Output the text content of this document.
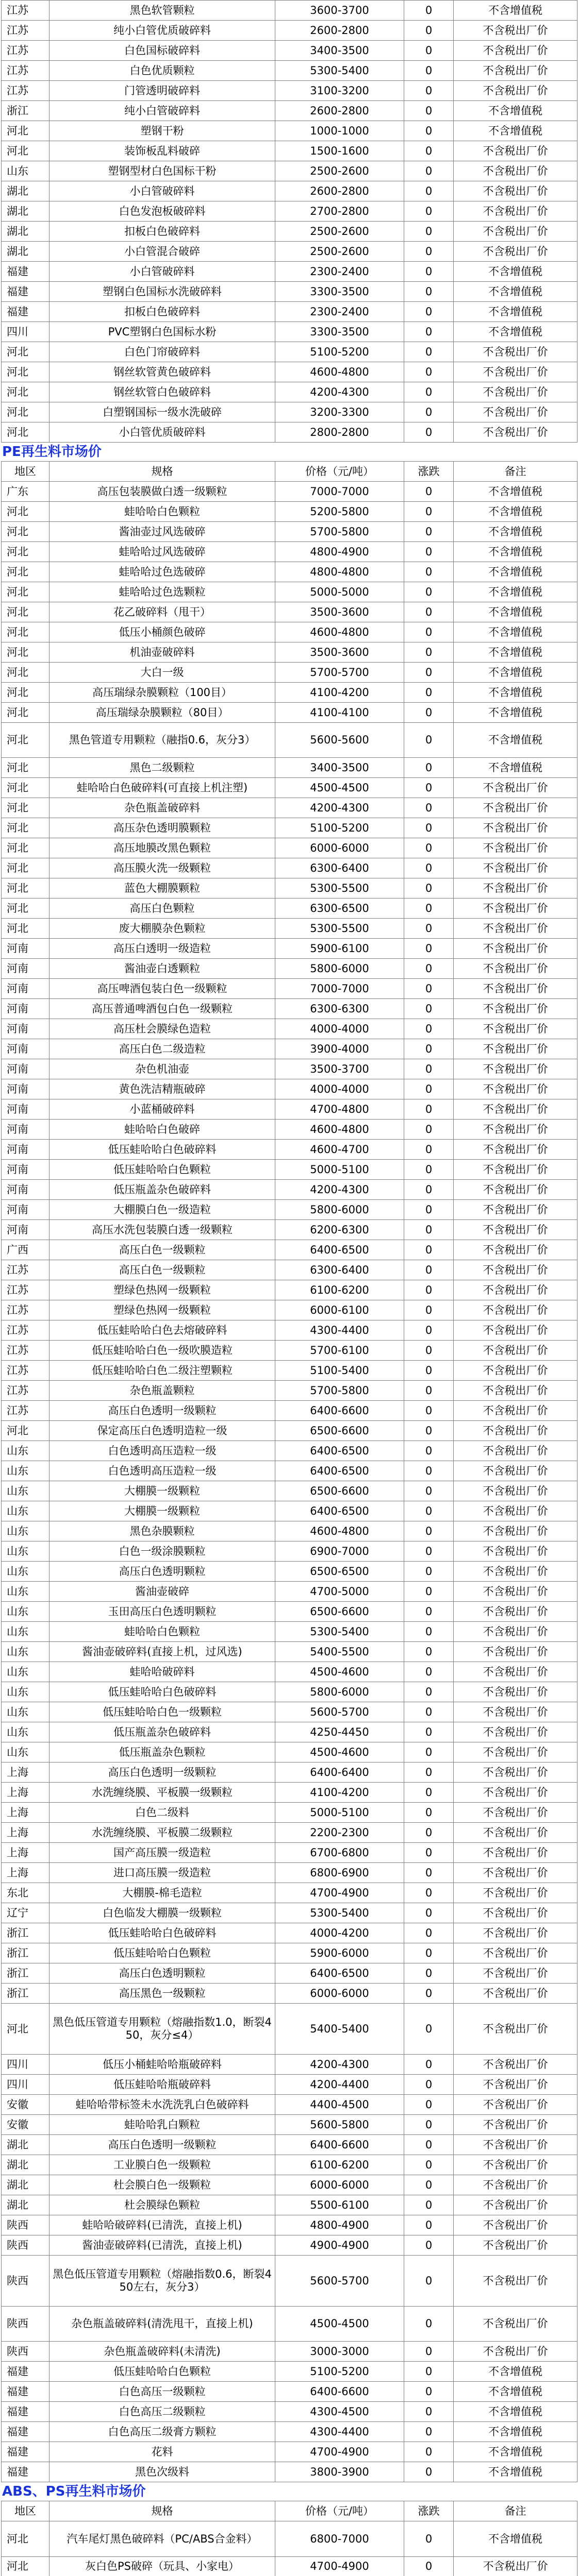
江苏	黑色软管颗粒	3600-3700	0	不含增值税
江苏	纯小白管优质破碎料	2600-2800	0	不含税出厂价
江苏	白色国标破碎料	3400-3500	0	不含税出厂价
江苏	白色优质颗粒	5300-5400	0	不含税出厂价
江苏	门管透明破碎料	3100-3200	0	不含税出厂价
浙江	纯小白管破碎料	2600-2800	0	不含增值税
河北	塑钢干粉	1000-1000	0	不含增值税
河北	装饰板乱料破碎	1500-1600	0	不含税出厂价
山东	塑钢型材白色国标干粉	2500-2600	0	不含税出厂价
湖北	小白管破碎料	2600-2800	0	不含税出厂价
湖北	白色发泡板破碎料	2700-2800	0	不含税出厂价
湖北	扣板白色破碎料	2500-2600	0	不含税出厂价
湖北	小白管混合破碎	2500-2600	0	不含税出厂价
福建	小白管破碎料	2300-2400	0	不含增值税
福建	塑钢白色国标水洗破碎料	3300-3500	0	不含增值税
福建	扣板白色破碎料	2300-2400	0	不含增值税
四川	PVC塑钢白色国标水粉	3300-3500	0	不含增值税
河北	白色门帘破碎料	5100-5200	0	不含税出厂价
河北	钢丝软管黄色破碎料	4600-4800	0	不含税出厂价
河北	钢丝软管白色破碎料	4200-4300	0	不含税出厂价
河北	白塑钢国标一级水洗破碎	3200-3300	0	不含税出厂价
河北	小白管优质破碎料	2800-2800	0	不含税出厂价
PE再生料市场价
地区	规格	价格（元/吨）	涨跌	备注
广东	高压包装膜做白透一级颗粒	7000-7000	0	不含增值税
河北	蛙哈哈白色颗粒	5200-5800	0	不含增值税
河北	酱油壶过风选破碎	5700-5800	0	不含增值税
河北	蛙哈哈过风选破碎	4800-4900	0	不含增值税
河北	蛙哈哈过色选破碎	4800-4800	0	不含增值税
河北	蛙哈哈过色选颗粒	5000-5000	0	不含增值税
河北	花乙破碎料（甩干）	3500-3600	0	不含增值税
河北	低压小桶颜色破碎	4600-4800	0	不含增值税
河北	机油壶破碎料	3500-3600	0	不含增值税
河北	大白一级	5700-5700	0	不含增值税
河北	高压瑞绿杂膜颗粒（100目）	4100-4200	0	不含增值税
河北	高压瑞绿杂膜颗粒（80目）	4100-4100	0	不含增值税
河北	黑色管道专用颗粒（融指0.6，灰分3）	5600-5600	0	不含增值税
河北	黑色二级颗粒	3400-3500	0	不含增值税
河北	蛙哈哈白色破碎料(可直接上机注塑)	4500-4500	0	不含税出厂价
河北	杂色瓶盖破碎料	4200-4300	0	不含税出厂价
河北	高压杂色透明膜颗粒	5100-5200	0	不含税出厂价
河北	高压地膜改黑色颗粒	6000-6000	0	不含税出厂价
河北	高压膜火洗一级颗粒	6300-6400	0	不含税出厂价
河北	蓝色大棚膜颗粒	5300-5500	0	不含税出厂价
河北	高压白色颗粒	6300-6500	0	不含税出厂价
河北	废大棚膜杂色颗粒	5300-5500	0	不含税出厂价
河南	高压白透明一级造粒	5900-6100	0	不含税出厂价
河南	酱油壶白透颗粒	5800-6000	0	不含税出厂价
河南	高压啤酒包装白色一级颗粒	7000-7000	0	不含税出厂价
河南	高压普通啤酒包白色一级颗粒	6300-6300	0	不含税出厂价
河南	高压杜会膜绿色造粒	4000-4000	0	不含税出厂价
河南	高压白色二级造粒	3900-4000	0	不含税出厂价
河南	杂色机油壶	3500-3700	0	不含税出厂价
河南	黄色洗洁精瓶破碎	4000-4000	0	不含税出厂价
河南	小蓝桶破碎料	4700-4800	0	不含税出厂价
河南	蛙哈哈白色破碎	4600-4800	0	不含税出厂价
河南	低压蛙哈哈白色破碎料	4600-4700	0	不含税出厂价
河南	低压蛙哈哈白色颗粒	5000-5100	0	不含税出厂价
河南	低压瓶盖杂色破碎料	4200-4300	0	不含税出厂价
河南	大棚膜白色一级造粒	5800-6000	0	不含税出厂价
河南	高压水洗包装膜白透一级颗粒	6200-6300	0	不含税出厂价
广西	高压白色一级颗粒	6400-6500	0	不含税出厂价
江苏	高压白色一级颗粒	6300-6400	0	不含税出厂价
江苏	塑绿色热网一级颗粒	6100-6200	0	不含税出厂价
江苏	塑绿色热网一级颗粒	6000-6100	0	不含税出厂价
江苏	低压蛙哈哈白色去熔破碎料	4300-4400	0	不含税出厂价
江苏	低压蛙哈哈白色一级吹膜造粒	5700-6100	0	不含税出厂价
江苏	低压蛙哈哈白色二级注塑颗粒	5100-5400	0	不含税出厂价
江苏	杂色瓶盖颗粒	5700-5800	0	不含税出厂价
江苏	高压白色透明一级颗粒	6400-6600	0	不含税出厂价
河北	保定高压白色透明造粒一级	6500-6600	0	不含税出厂价
山东	白色透明高压造粒一级	6400-6500	0	不含税出厂价
山东	白色透明高压造粒一级	6400-6500	0	不含税出厂价
山东	大棚膜一级颗粒	6500-6600	0	不含税出厂价
山东	大棚膜一级颗粒	6400-6500	0	不含税出厂价
山东	黑色杂膜颗粒	4600-4800	0	不含税出厂价
山东	白色一级涂膜颗粒	6900-7000	0	不含税出厂价
山东	高压白色透明颗粒	6500-6500	0	不含税出厂价
山东	酱油壶破碎	4700-5000	0	不含税出厂价
山东	玉田高压白色透明颗粒	6500-6600	0	不含税出厂价
山东	蛙哈哈白色颗粒	5300-5400	0	不含税出厂价
山东	酱油壶破碎料(直接上机，过风选)	5400-5500	0	不含税出厂价
山东	蛙哈哈破碎料	4500-4600	0	不含税出厂价
山东	低压蛙哈哈白色破碎料	5800-6000	0	不含税出厂价
山东	低压蛙哈哈白色一级颗粒	5600-5700	0	不含税出厂价
山东	低压瓶盖杂色破碎料	4250-4450	0	不含税出厂价
山东	低压瓶盖杂色颗粒	4500-4600	0	不含税出厂价
上海	高压白色透明一级颗粒	6400-6400	0	不含税出厂价
上海	水洗缠绕膜、平板膜一级颗粒	4100-4200	0	不含税出厂价
上海	白色二级料	5000-5100	0	不含税出厂价
上海	水洗缠绕膜、平板膜二级颗粒	2200-2300	0	不含税出厂价
上海	国产高压膜一级造粒	6700-6800	0	不含税出厂价
上海	进口高压膜一级造粒	6800-6900	0	不含税出厂价
东北	大棚膜-棉毛造粒	4700-4900	0	不含税出厂价
辽宁	白色临发大棚膜一级颗粒	5300-5400	0	不含税出厂价
浙江	低压蛙哈哈白色破碎料	4000-4200	0	不含税出厂价
浙江	低压蛙哈哈白色颗粒	5900-6000	0	不含税出厂价
浙江	高压白色透明颗粒	6400-6500	0	不含税出厂价
浙江	高压黑色一级颗粒	6000-6000	0	不含税出厂价
河北	黑色低压管道专用颗粒（熔融指数1.0，断裂450，灰分≤4）	5400-5400	0	不含税出厂价
四川	低压小桶蛙哈哈瓶破碎料	4200-4300	0	不含税出厂价
四川	低压蛙哈哈瓶破碎料	4200-4400	0	不含税出厂价
安徽	蛙哈哈带标签未水洗洗乳白色破碎料	4400-4500	0	不含税出厂价
安徽	蛙哈哈乳白颗粒	5600-5800	0	不含税出厂价
湖北	高压白色透明一级颗粒	6400-6600	0	不含税出厂价
湖北	工业膜白色一级颗粒	6100-6200	0	不含税出厂价
湖北	杜会膜白色一级颗粒	6000-6000	0	不含税出厂价
湖北	杜会膜绿色颗粒	5500-6100	0	不含税出厂价
陕西	蛙哈哈破碎料(已清洗，直接上机)	4800-4900	0	不含税出厂价
陕西	酱油壶破碎料(已清洗，直接上机)	4900-4900	0	不含税出厂价
陕西	黑色低压管道专用颗粒（熔融指数0.6，断裂450左右，灰分3）	5600-5700	0	不含税出厂价
陕西	杂色瓶盖破碎料(清洗甩干，直接上机)	4500-4500	0	不含税出厂价
陕西	杂色瓶盖破碎料(未清洗)	3000-3000	0	不含税出厂价
福建	低压蛙哈哈白色颗粒	5100-5200	0	不含增值税
福建	白色高压一级颗粒	6400-6600	0	不含增值税
福建	白色高压二级颗粒	4300-4500	0	不含增值税
福建	白色高压二级膏方颗粒	4300-4400	0	不含增值税
福建	花料	4700-4900	0	不含增值税
福建	黑色次级料	3800-3900	0	不含增值税
ABS、PS再生料市场价
地区	规格	价格（元/吨）	涨跌	备注
河北	汽车尾灯黑色破碎料（PC/ABS合金料）	6800-7000	0	不含增值税
河北	灰白色PS破碎（玩具、小家电）	4700-4900	0	不含税出厂价
